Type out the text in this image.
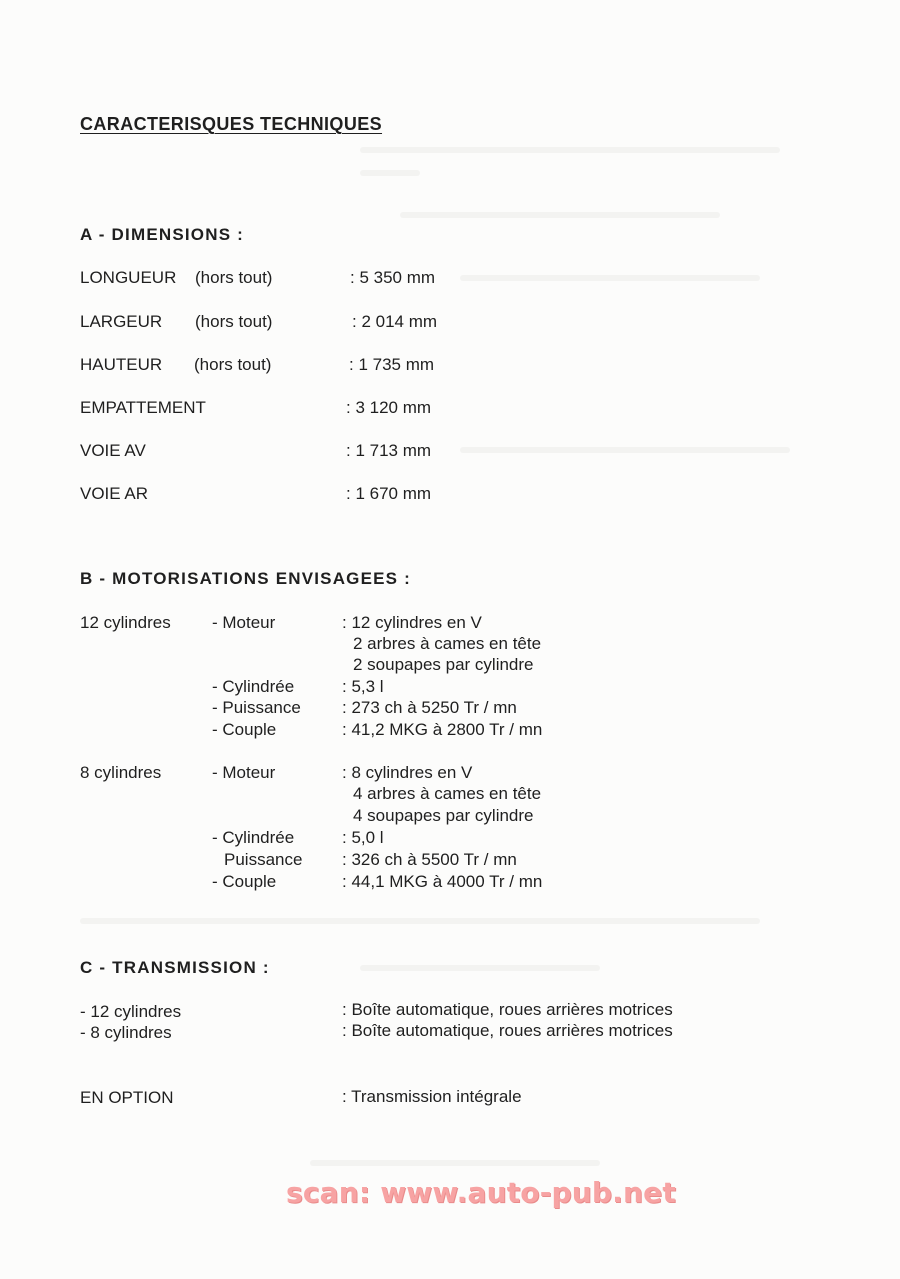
CARACTERISQUES TECHNIQUES
A - DIMENSIONS :
LONGUEUR (hors tout)	: 5 350 mm
LARGEUR (hors tout)	: 2 014 mm
HAUTEUR (hors tout)	: 1 735 mm
EMPATTEMENT	: 3 120 mm
VOIE AV	: 1 713 mm
VOIE AR	: 1 670 mm
B - MOTORISATIONS ENVISAGEES :
12 cylindres - Moteur	: 12 cylindres en V
2 arbres à cames en tête
2 soupapes par cylindre
- Cylindrée	: 5,3 l
- Puissance : 273 ch à 5250 Tr / mn
- Couple	: 41,2 MKG à 2800 Tr / mn
8 cylindres	- Moteur	: 8 cylindres en V
4 arbres à cames en tête
4 soupapes par cylindre
- Cylindrée	: 5,0 l
Puissance : 326 ch à 5500 Tr / mn
- Couple	: 44,1 MKG à 4000 Tr / mn
C - TRANSMISSION :
- 12 cylindres	: Boîte automatique, roues arrières motrices
- 8 cylindres	: Boîte automatique, roues arrières motrices
EN OPTION	: Transmission intégrale
scan: www.auto-pub.net
